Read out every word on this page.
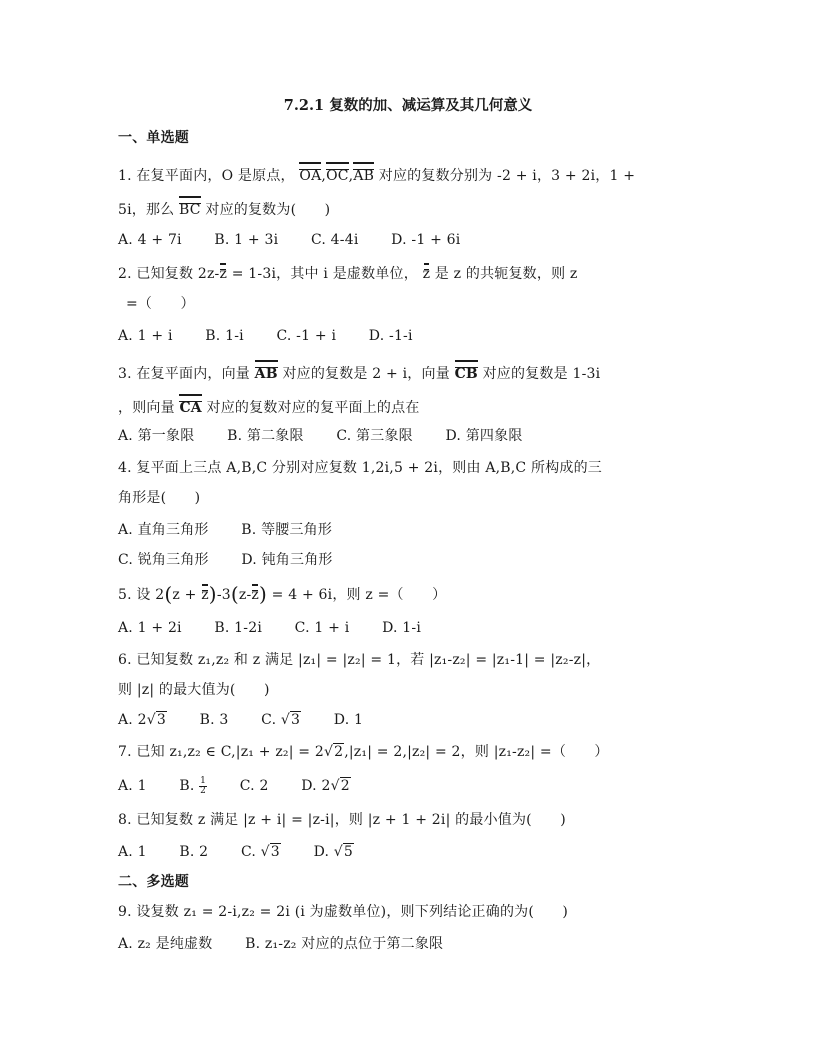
7.2.1 复数的加、减运算及其几何意义
一、单选题
1. 在复平面内，O 是原点， OA,OC,AB 对应的复数分别为 -2 + i，3 + 2i，1 +
5i，那么 BC 对应的复数为(　　)
A. 4 + 7i B. 1 + 3i C. 4-4i D. -1 + 6i
2. 已知复数 2z-z = 1-3i，其中 i 是虚数单位， z 是 z 的共轭复数，则 z
=（　　）
A. 1 + i B. 1-i C. -1 + i D. -1-i
3. 在复平面内，向量 AB 对应的复数是 2 + i，向量 CB 对应的复数是 1-3i
，则向量 CA 对应的复数对应的复平面上的点在
A. 第一象限 B. 第二象限 C. 第三象限 D. 第四象限
4. 复平面上三点 A,B,C 分别对应复数 1,2i,5 + 2i，则由 A,B,C 所构成的三
角形是(　　)
A. 直角三角形 B. 等腰三角形
C. 锐角三角形 D. 钝角三角形
5. 设 2(z + z)-3(z-z) = 4 + 6i，则 z =（　　）
A. 1 + 2i B. 1-2i C. 1 + i D. 1-i
6. 已知复数 z₁,z₂ 和 z 满足 |z₁| = |z₂| = 1，若 |z₁-z₂| = |z₁-1| = |z₂-z|，
则 |z| 的最大值为(　　)
A. 2√3 B. 3 C. √3 D. 1
7. 已知 z₁,z₂ ∈ C,|z₁ + z₂| = 2√2,|z₁| = 2,|z₂| = 2，则 |z₁-z₂| =（　　）
A. 1 B. $\frac{1}{2} C$. 2 D. 2√2
8. 已知复数 z 满足 |z + i| = |z-i|，则 |z + 1 + 2i| 的最小值为(　　)
A. 1 B. 2 C. √3 D. √5
二、多选题
9. 设复数 z₁ = 2-i,z₂ = 2i (i 为虚数单位)，则下列结论正确的为(　　)
A. z₂ 是纯虚数 B. z₁-z₂ 对应的点位于第二象限
